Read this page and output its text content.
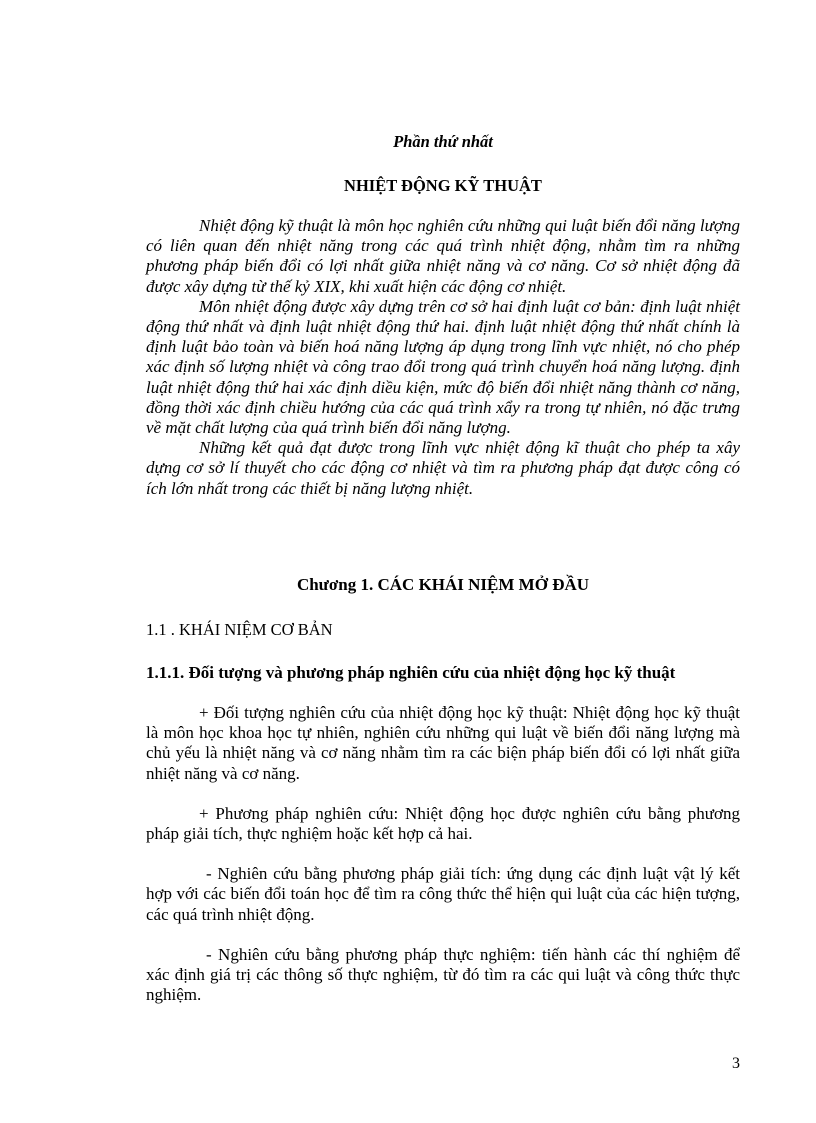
Phần thứ nhất
NHIỆT ĐỘNG KỸ THUẬT

Nhiệt động kỹ thuật là môn học nghiên cứu những qui luật biến đổi năng lượng có liên quan đến nhiệt năng trong các quá trình nhiệt động, nhằm tìm ra những phương pháp biến đổi có lợi nhất giữa nhiệt năng và cơ năng. Cơ sở nhiệt động đã được xây dựng từ thế kỷ XIX, khi xuất hiện các động cơ nhiệt.

Môn nhiệt động được xây dựng trên cơ sở hai định luật cơ bản: định luật nhiệt động thứ nhất và định luật nhiệt động thứ hai. định luật nhiệt động thứ nhất chính là định luật bảo toàn và biến hoá năng lượng áp dụng trong lĩnh vực nhiệt, nó cho phép xác định số lượng nhiệt và công trao đổi trong quá trình chuyển hoá năng lượng. định luật nhiệt động thứ hai xác định diều kiện, mức độ biến đổi nhiệt năng thành cơ năng, đồng thời xác định chiều hướng của các quá trình xẩy ra trong tự nhiên, nó đặc trưng về mặt chất lượng của quá trình biến đổi năng lượng.

Những kết quả đạt được trong lĩnh vực nhiệt động kĩ thuật cho phép ta xây dựng cơ sở lí thuyết cho các động cơ nhiệt và tìm ra phương pháp đạt được công có ích lớn nhất trong các thiết bị năng lượng nhiệt.

Chương 1. CÁC KHÁI NIỆM MỞ ĐẦU
1.1 . KHÁI NIỆM CƠ BẢN
1.1.1. Đối tượng và phương pháp nghiên cứu của nhiệt động học kỹ thuật

+ Đối tượng nghiên cứu của nhiệt động học kỹ thuật: Nhiệt động học kỹ thuật là môn học khoa học tự nhiên, nghiên cứu những qui luật về biến đổi năng lượng mà chủ yếu là nhiệt năng và cơ năng nhằm tìm ra các biện pháp biến đổi có lợi nhất giữa nhiệt năng và cơ năng.

+ Phương pháp nghiên cứu: Nhiệt động học được nghiên cứu bằng phương pháp giải tích, thực nghiệm hoặc kết hợp cả hai.

- Nghiên cứu bằng phương pháp giải tích: ứng dụng các định luật vật lý kết hợp với các biến đổi toán học để tìm ra công thức thể hiện qui luật của các hiện tượng, các quá trình nhiệt động.

- Nghiên cứu bằng phương pháp thực nghiệm: tiến hành các thí nghiệm để xác định giá trị các thông số thực nghiệm, từ đó tìm ra các qui luật và công thức thực nghiệm.

3
